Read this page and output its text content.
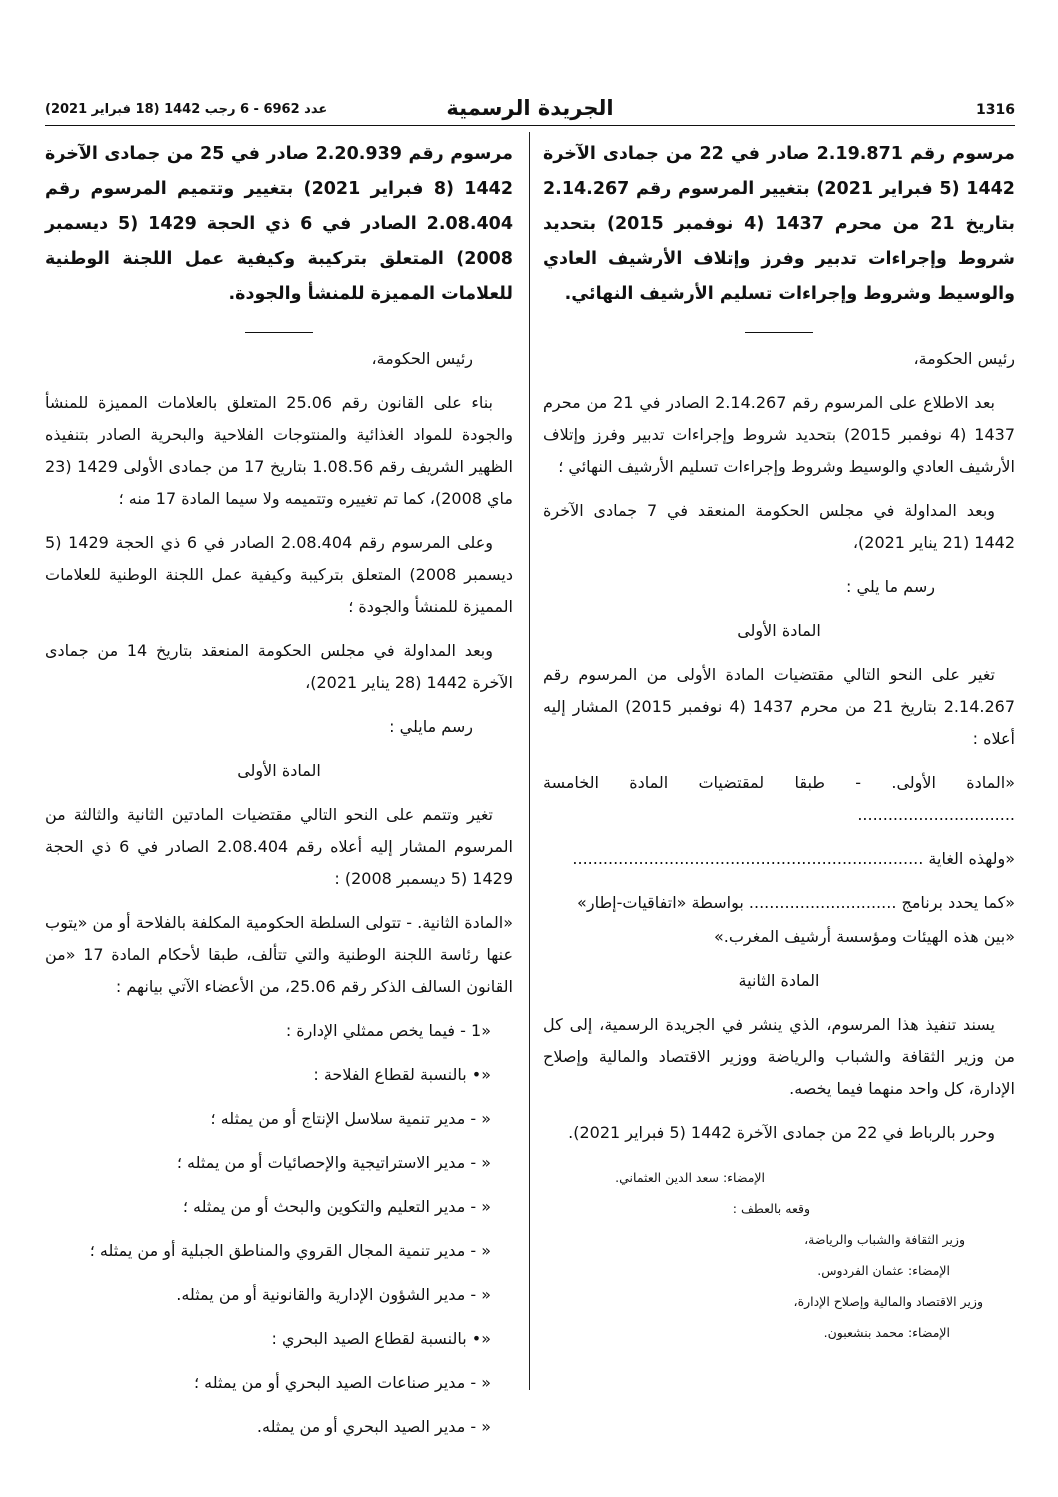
1316
الجريدة الرسمية
عدد 6962 - 6 رجب 1442 (18 فبراير 2021)

مرسوم رقم 2.19.871 صادر في 22 من جمادى الآخرة 1442 (5 فبراير 2021) بتغيير المرسوم رقم 2.14.267 بتاريخ 21 من محرم 1437 (4 نوفمبر 2015) بتحديد شروط وإجراءات تدبير وفرز وإتلاف الأرشيف العادي والوسيط وشروط وإجراءات تسليم الأرشيف النهائي.

رئيس الحكومة،

بعد الاطلاع على المرسوم رقم 2.14.267 الصادر في 21 من محرم 1437 (4 نوفمبر 2015) بتحديد شروط وإجراءات تدبير وفرز وإتلاف الأرشيف العادي والوسيط وشروط وإجراءات تسليم الأرشيف النهائي ؛

وبعد المداولة في مجلس الحكومة المنعقد في 7 جمادى الآخرة 1442 (21 يناير 2021)،

رسم ما يلي :

المادة الأولى

تغير على النحو التالي مقتضيات المادة الأولى من المرسوم رقم 2.14.267 بتاريخ 21 من محرم 1437 (4 نوفمبر 2015) المشار إليه أعلاه :

«المادة الأولى. - طبقا لمقتضيات المادة الخامسة ...............................

«ولهذه الغاية .....................................................................

«كما يحدد برنامج ............................. بواسطة «اتفاقيات-إطار»

«بين هذه الهيئات ومؤسسة أرشيف المغرب.»

المادة الثانية

يسند تنفيذ هذا المرسوم، الذي ينشر في الجريدة الرسمية، إلى كل من وزير الثقافة والشباب والرياضة ووزير الاقتصاد والمالية وإصلاح الإدارة، كل واحد منهما فيما يخصه.

وحرر بالرباط في 22 من جمادى الآخرة 1442 (5 فبراير 2021).

الإمضاء: سعد الدين العثماني.

وقعه بالعطف :

وزير الثقافة والشباب والرياضة،

الإمضاء: عثمان الفردوس.

وزير الاقتصاد والمالية وإصلاح الإدارة،

الإمضاء: محمد بنشعبون.

مرسوم رقم 2.20.939 صادر في 25 من جمادى الآخرة 1442 (8 فبراير 2021) بتغيير وتتميم المرسوم رقم 2.08.404 الصادر في 6 ذي الحجة 1429 (5 ديسمبر 2008) المتعلق بتركيبة وكيفية عمل اللجنة الوطنية للعلامات المميزة للمنشأ والجودة.

رئيس الحكومة،

بناء على القانون رقم 25.06 المتعلق بالعلامات المميزة للمنشأ والجودة للمواد الغذائية والمنتوجات الفلاحية والبحرية الصادر بتنفيذه الظهير الشريف رقم 1.08.56 بتاريخ 17 من جمادى الأولى 1429 (23 ماي 2008)، كما تم تغييره وتتميمه ولا سيما المادة 17 منه ؛

وعلى المرسوم رقم 2.08.404 الصادر في 6 ذي الحجة 1429 (5 ديسمبر 2008) المتعلق بتركيبة وكيفية عمل اللجنة الوطنية للعلامات المميزة للمنشأ والجودة ؛

وبعد المداولة في مجلس الحكومة المنعقد بتاريخ 14 من جمادى الآخرة 1442 (28 يناير 2021)،

رسم مايلي :

المادة الأولى

تغير وتتمم على النحو التالي مقتضيات المادتين الثانية والثالثة من المرسوم المشار إليه أعلاه رقم 2.08.404 الصادر في 6 ذي الحجة 1429 (5 ديسمبر 2008) :

«المادة الثانية. - تتولى السلطة الحكومية المكلفة بالفلاحة أو من «يتوب عنها رئاسة اللجنة الوطنية والتي تتألف، طبقا لأحكام المادة 17 «من القانون السالف الذكر رقم 25.06، من الأعضاء الآتي بيانهم :

«1 - فيما يخص ممثلي الإدارة :

«• بالنسبة لقطاع الفلاحة :

« - مدير تنمية سلاسل الإنتاج أو من يمثله ؛

« - مدير الاستراتيجية والإحصائيات أو من يمثله ؛

« - مدير التعليم والتكوين والبحث أو من يمثله ؛

« - مدير تنمية المجال القروي والمناطق الجبلية أو من يمثله ؛

« - مدير الشؤون الإدارية والقانونية أو من يمثله.

«• بالنسبة لقطاع الصيد البحري :

« - مدير صناعات الصيد البحري أو من يمثله ؛

« - مدير الصيد البحري أو من يمثله.
